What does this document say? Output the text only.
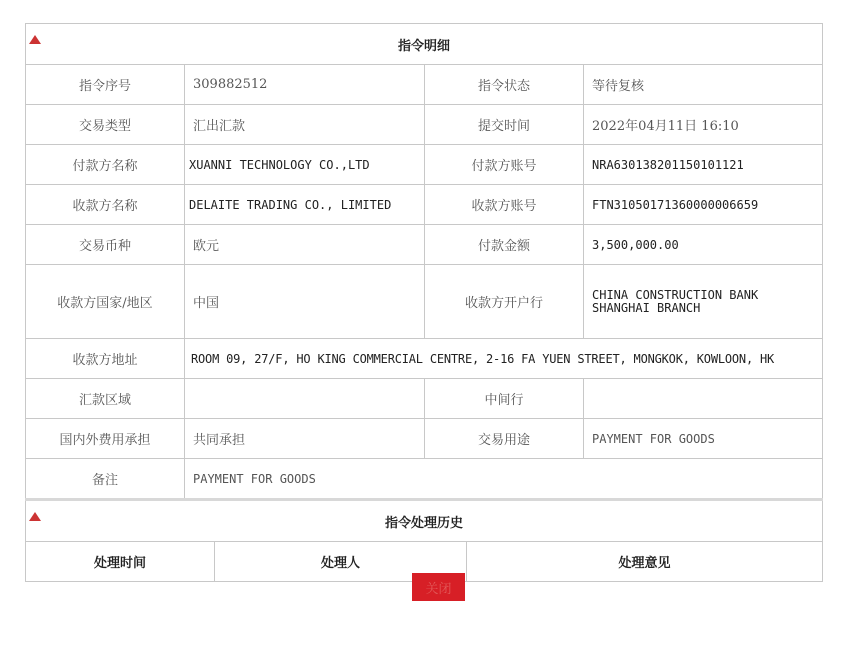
指令明细			
指令序号	309882512	指令状态	等待复核
交易类型	汇出汇款	提交时间	2022年04月11日 16:10
付款方名称	XUANNI TECHNOLOGY CO.,LTD	付款方账号	NRA630138201150101121
收款方名称	DELAITE TRADING CO., LIMITED	收款方账号	FTN31050171360000006659
交易币种	欧元	付款金额	3,500,000.00
收款方国家/地区	中国	收款方开户行	CHINA CONSTRUCTION BANK SHANGHAI BRANCH
收款方地址	ROOM 09, 27/F, HO KING COMMERCIAL CENTRE, 2-16 FA YUEN STREET, MONGKOK, KOWLOON, HK		
汇款区域		中间行	
国内外费用承担	共同承担	交易用途	PAYMENT FOR GOODS
备注	PAYMENT FOR GOODS		
指令处理历史
处理时间	处理人	处理意见
关闭
